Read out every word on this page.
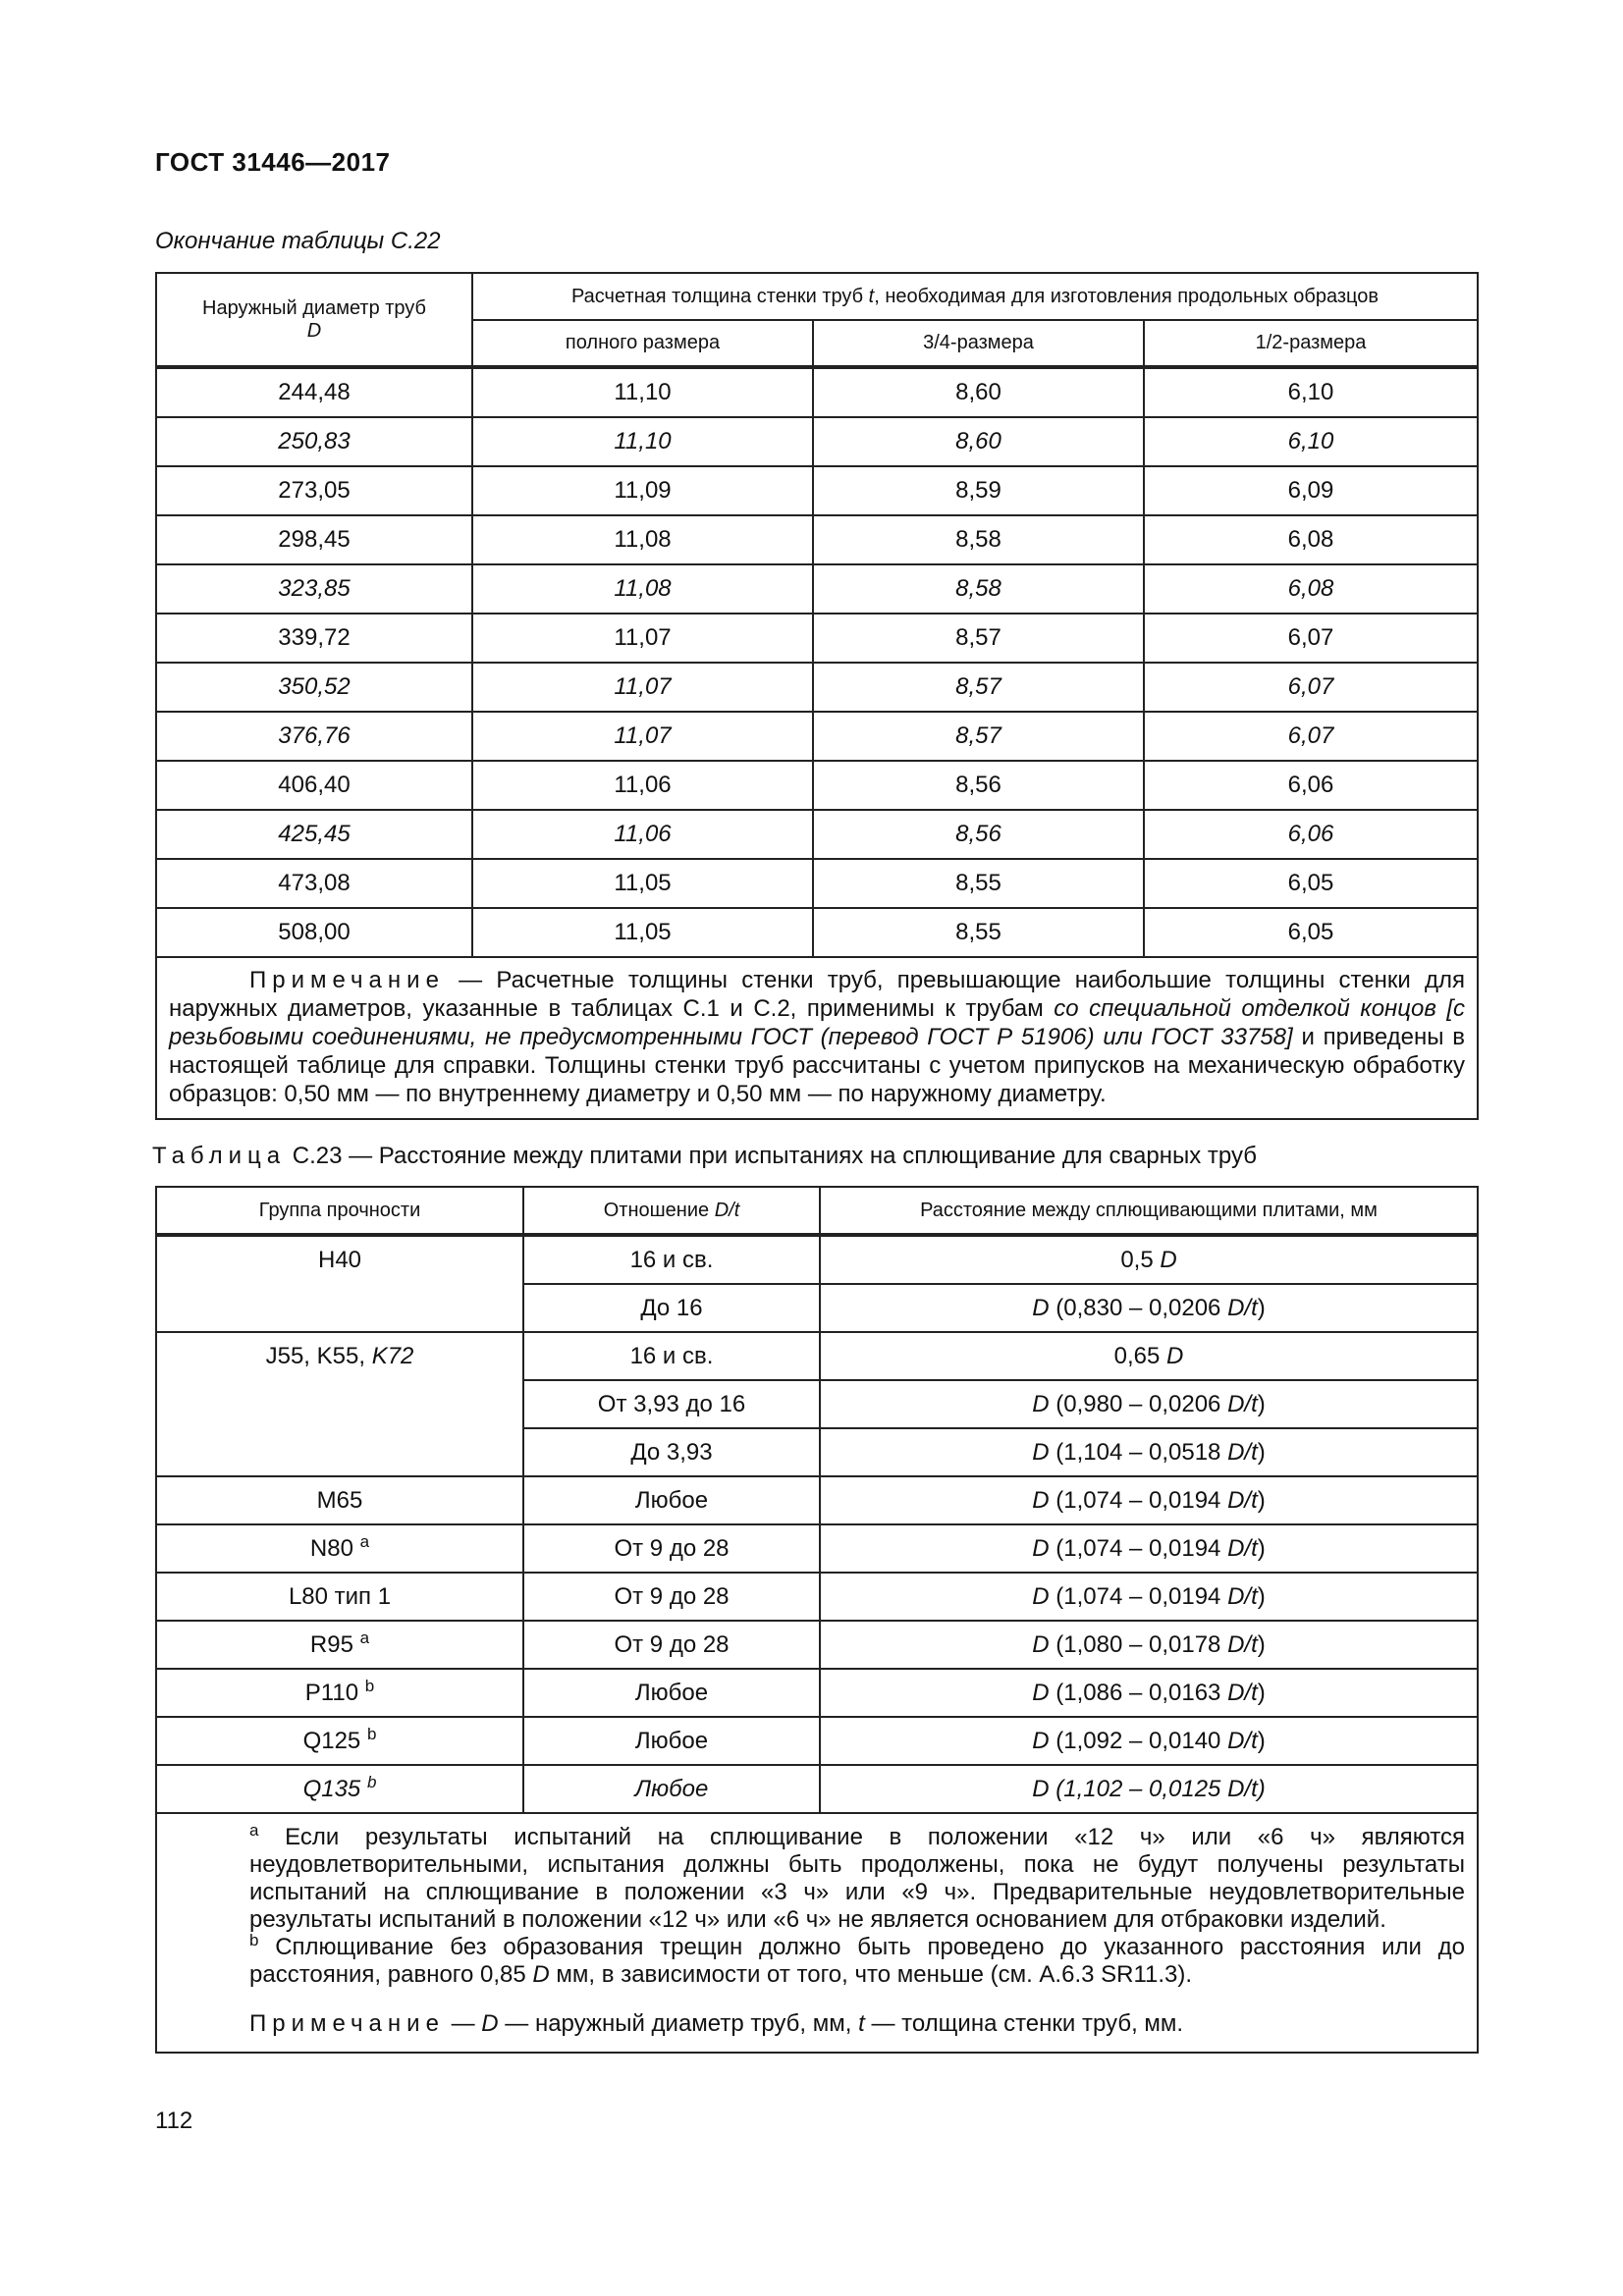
ГОСТ 31446—2017
Окончание таблицы С.22
Наружный диаметр труб
D	Расчетная толщина стенки труб t, необходимая для изготовления продольных образцов		
	полного размера	3/4-размера	1/2-размера
244,48	11,10	8,60	6,10
250,83	11,10	8,60	6,10
273,05	11,09	8,59	6,09
298,45	11,08	8,58	6,08
323,85	11,08	8,58	6,08
339,72	11,07	8,57	6,07
350,52	11,07	8,57	6,07
376,76	11,07	8,57	6,07
406,40	11,06	8,56	6,06
425,45	11,06	8,56	6,06
473,08	11,05	8,55	6,05
508,00	11,05	8,55	6,05
Примечание — Расчетные толщины стенки труб, превышающие наибольшие толщины стенки для наружных диаметров, указанные в таблицах С.1 и С.2, применимы к трубам со специальной отделкой концов [с резьбовыми соединениями, не предусмотренными ГОСТ (перевод ГОСТ Р 51906) или ГОСТ 33758] и приведены в настоящей таблице для справки. Толщины стенки труб рассчитаны с учетом припусков на механическую обработку образцов: 0,50 мм — по внутреннему диаметру и 0,50 мм — по наружному диаметру.			
Таблица С.23 — Расстояние между плитами при испытаниях на сплющивание для сварных труб
Группа прочности	Отношение D/t	Расстояние между сплющивающими плитами, мм
Н40	16 и св.	0,5 D
	До 16	D (0,830 – 0,0206 D/t)
J55, K55, K72	16 и св.	0,65 D
	От 3,93 до 16	D (0,980 – 0,0206 D/t)
	До 3,93	D (1,104 – 0,0518 D/t)
М65	Любое	D (1,074 – 0,0194 D/t)
N80 $^a$	От 9 до 28	D (1,074 – 0,0194 D/t)
L80 тип 1	От 9 до 28	D (1,074 – 0,0194 D/t)
R95 $^a$	От 9 до 28	D (1,080 – 0,0178 D/t)
P110 $^b$	Любое	D (1,086 – 0,0163 D/t)
Q125 $^b$	Любое	D (1,092 – 0,0140 D/t)
Q135 $^b$	Любое	D (1,102 – 0,0125 D/t)

$^a$ Если результаты испытаний на сплющивание в положении «12 ч» или «6 ч» являются неудовлетворительными, испытания должны быть продолжены, пока не будут получены результаты испытаний на сплющивание в положении «3 ч» или «9 ч». Предварительные неудовлетворительные результаты испытаний в положении «12 ч» или «6 ч» не является основанием для отбраковки изделий.

$^b$ Сплющивание без образования трещин должно быть проведено до указанного расстояния или до расстояния, равного 0,85 D мм, в зависимости от того, что меньше (см. А.6.3 SR11.3).

Примечание — D — наружный диаметр труб, мм, t — толщина стенки труб, мм.		

112
